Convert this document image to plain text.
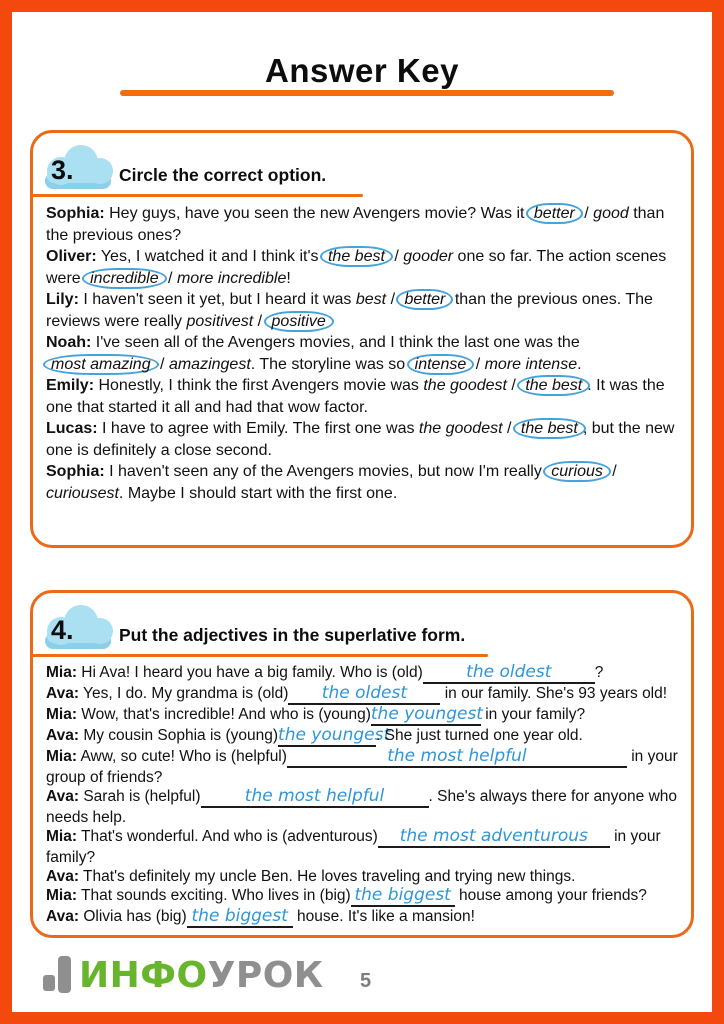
Answer Key
3.	Circle the correct option.

Sophia: Hey guys, have you seen the new Avengers movie? Was it better / good than the previous ones?

Oliver: Yes, I watched it and I think it's the best / gooder one so far. The action scenes were incredible / more incredible!

Lily: I haven't seen it yet, but I heard it was best / better than the previous ones. The reviews were really positivest / positive

Noah: I've seen all of the Avengers movies, and I think the last one was the most amazing / amazingest. The storyline was so intense / more intense.

Emily: Honestly, I think the first Avengers movie was the goodest / the best . It was the one that started it all and had that wow factor.

Lucas: I have to agree with Emily. The first one was the goodest / the best , but the new one is definitely a close second.

Sophia: I haven't seen any of the Avengers movies, but now I'm really curious / curiousest. Maybe I should start with the first one.

4.	Put the adjectives in the superlative form.

Mia: Hi Ava! I heard you have a big family. Who is (old)	the oldest	?

Ava: Yes, I do. My grandma is (old) the oldest in our family. She's 93 years old!

Mia: Wow, that's incredible! And who is (young)the youngest in your family?

Ava: My cousin Sophia is (young)the youngest. She just turned one year old.

Mia: Aww, so cute! Who is (helpful)	the most helpful	in your group of friends?

Ava: Sarah is (helpful)	the most helpful	. She's always there for anyone who needs help.

Mia: That's wonderful. And who is (adventurous) the most adventurous in your family?

Ava: That's definitely my uncle Ben. He loves traveling and trying new things.

Mia: That sounds exciting. Who lives in (big) the biggest house among your friends?

Ava: Olivia has (big) the biggest house. It's like a mansion!

ИНФОУРОК 5
